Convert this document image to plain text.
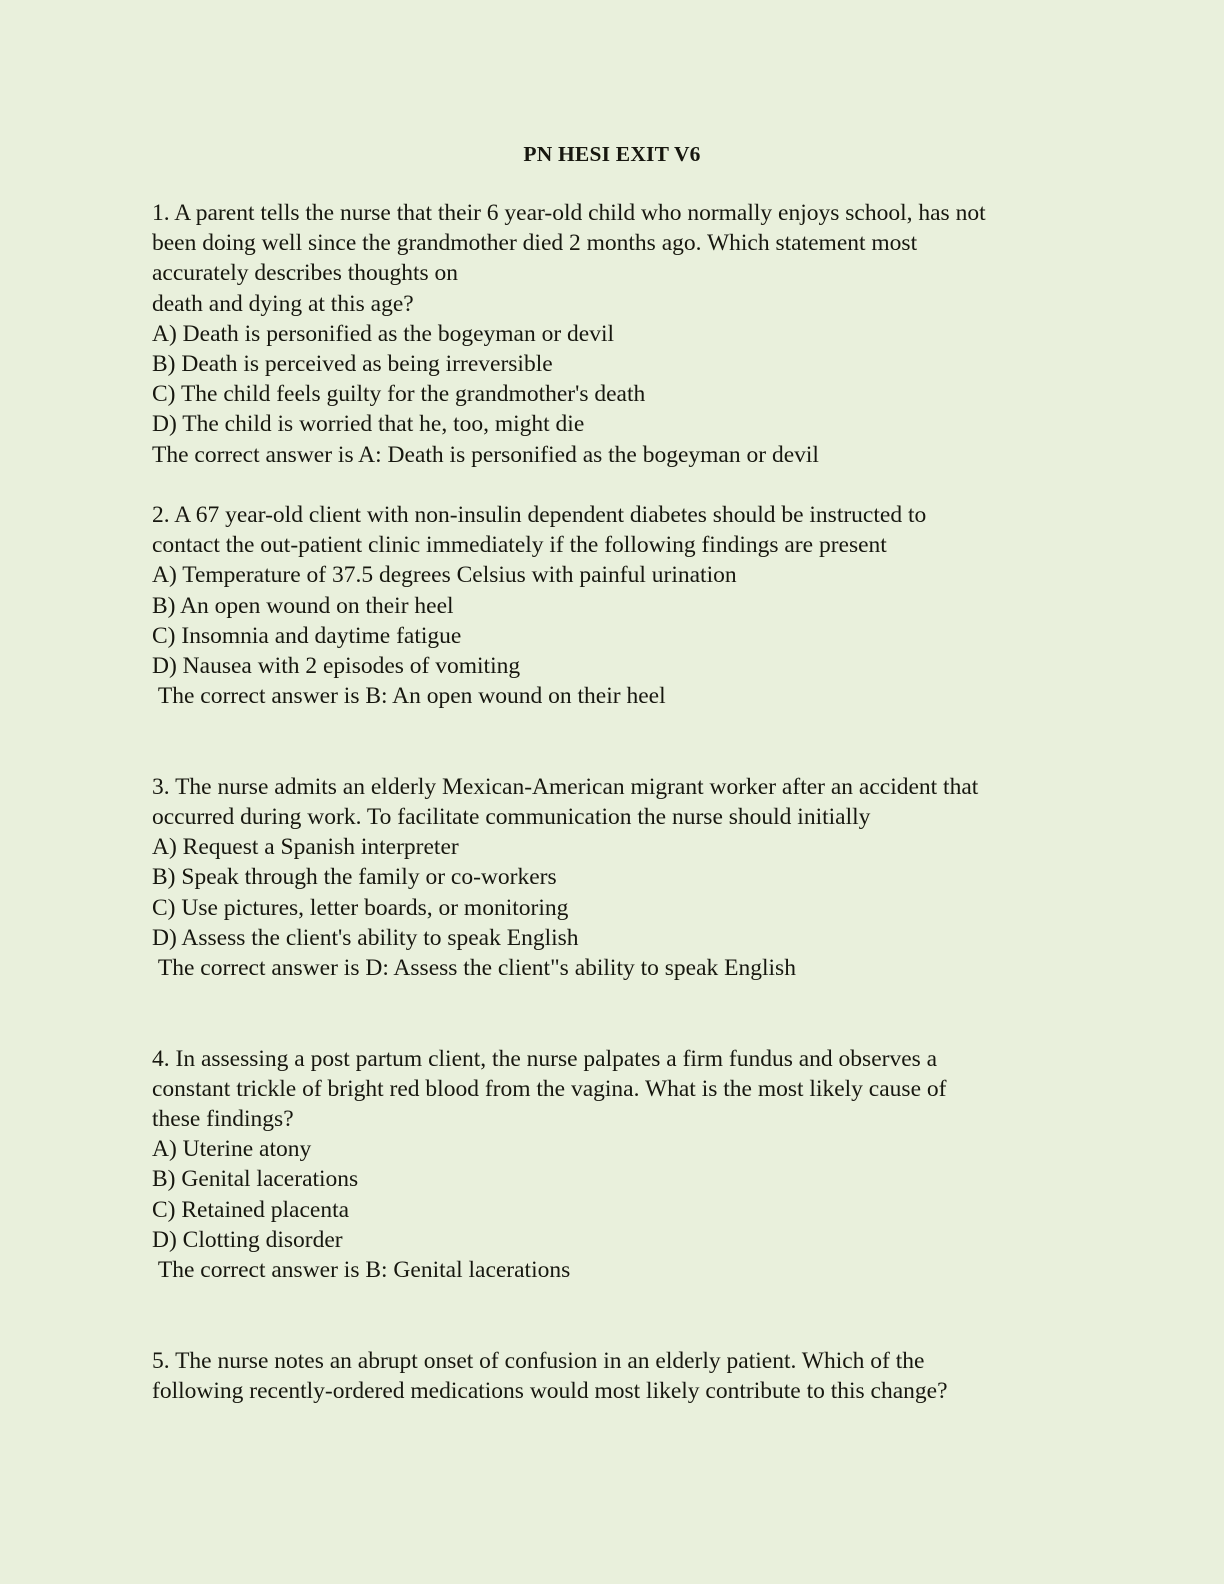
PN HESI EXIT V6
1. A parent tells the nurse that their 6 year-old child who normally enjoys school, has not
been doing well since the grandmother died 2 months ago. Which statement most
accurately describes thoughts on
death and dying at this age?
A) Death is personified as the bogeyman or devil
B) Death is perceived as being irreversible
C) The child feels guilty for the grandmother's death
D) The child is worried that he, too, might die
The correct answer is A: Death is personified as the bogeyman or devil
2. A 67 year-old client with non-insulin dependent diabetes should be instructed to
contact the out-patient clinic immediately if the following findings are present
A) Temperature of 37.5 degrees Celsius with painful urination
B) An open wound on their heel
C) Insomnia and daytime fatigue
D) Nausea with 2 episodes of vomiting
The correct answer is B: An open wound on their heel
3. The nurse admits an elderly Mexican-American migrant worker after an accident that
occurred during work. To facilitate communication the nurse should initially
A) Request a Spanish interpreter
B) Speak through the family or co-workers
C) Use pictures, letter boards, or monitoring
D) Assess the client's ability to speak English
The correct answer is D: Assess the client"s ability to speak English
4. In assessing a post partum client, the nurse palpates a firm fundus and observes a
constant trickle of bright red blood from the vagina. What is the most likely cause of
these findings?
A) Uterine atony
B) Genital lacerations
C) Retained placenta
D) Clotting disorder
The correct answer is B: Genital lacerations
5. The nurse notes an abrupt onset of confusion in an elderly patient. Which of the
following recently-ordered medications would most likely contribute to this change?
